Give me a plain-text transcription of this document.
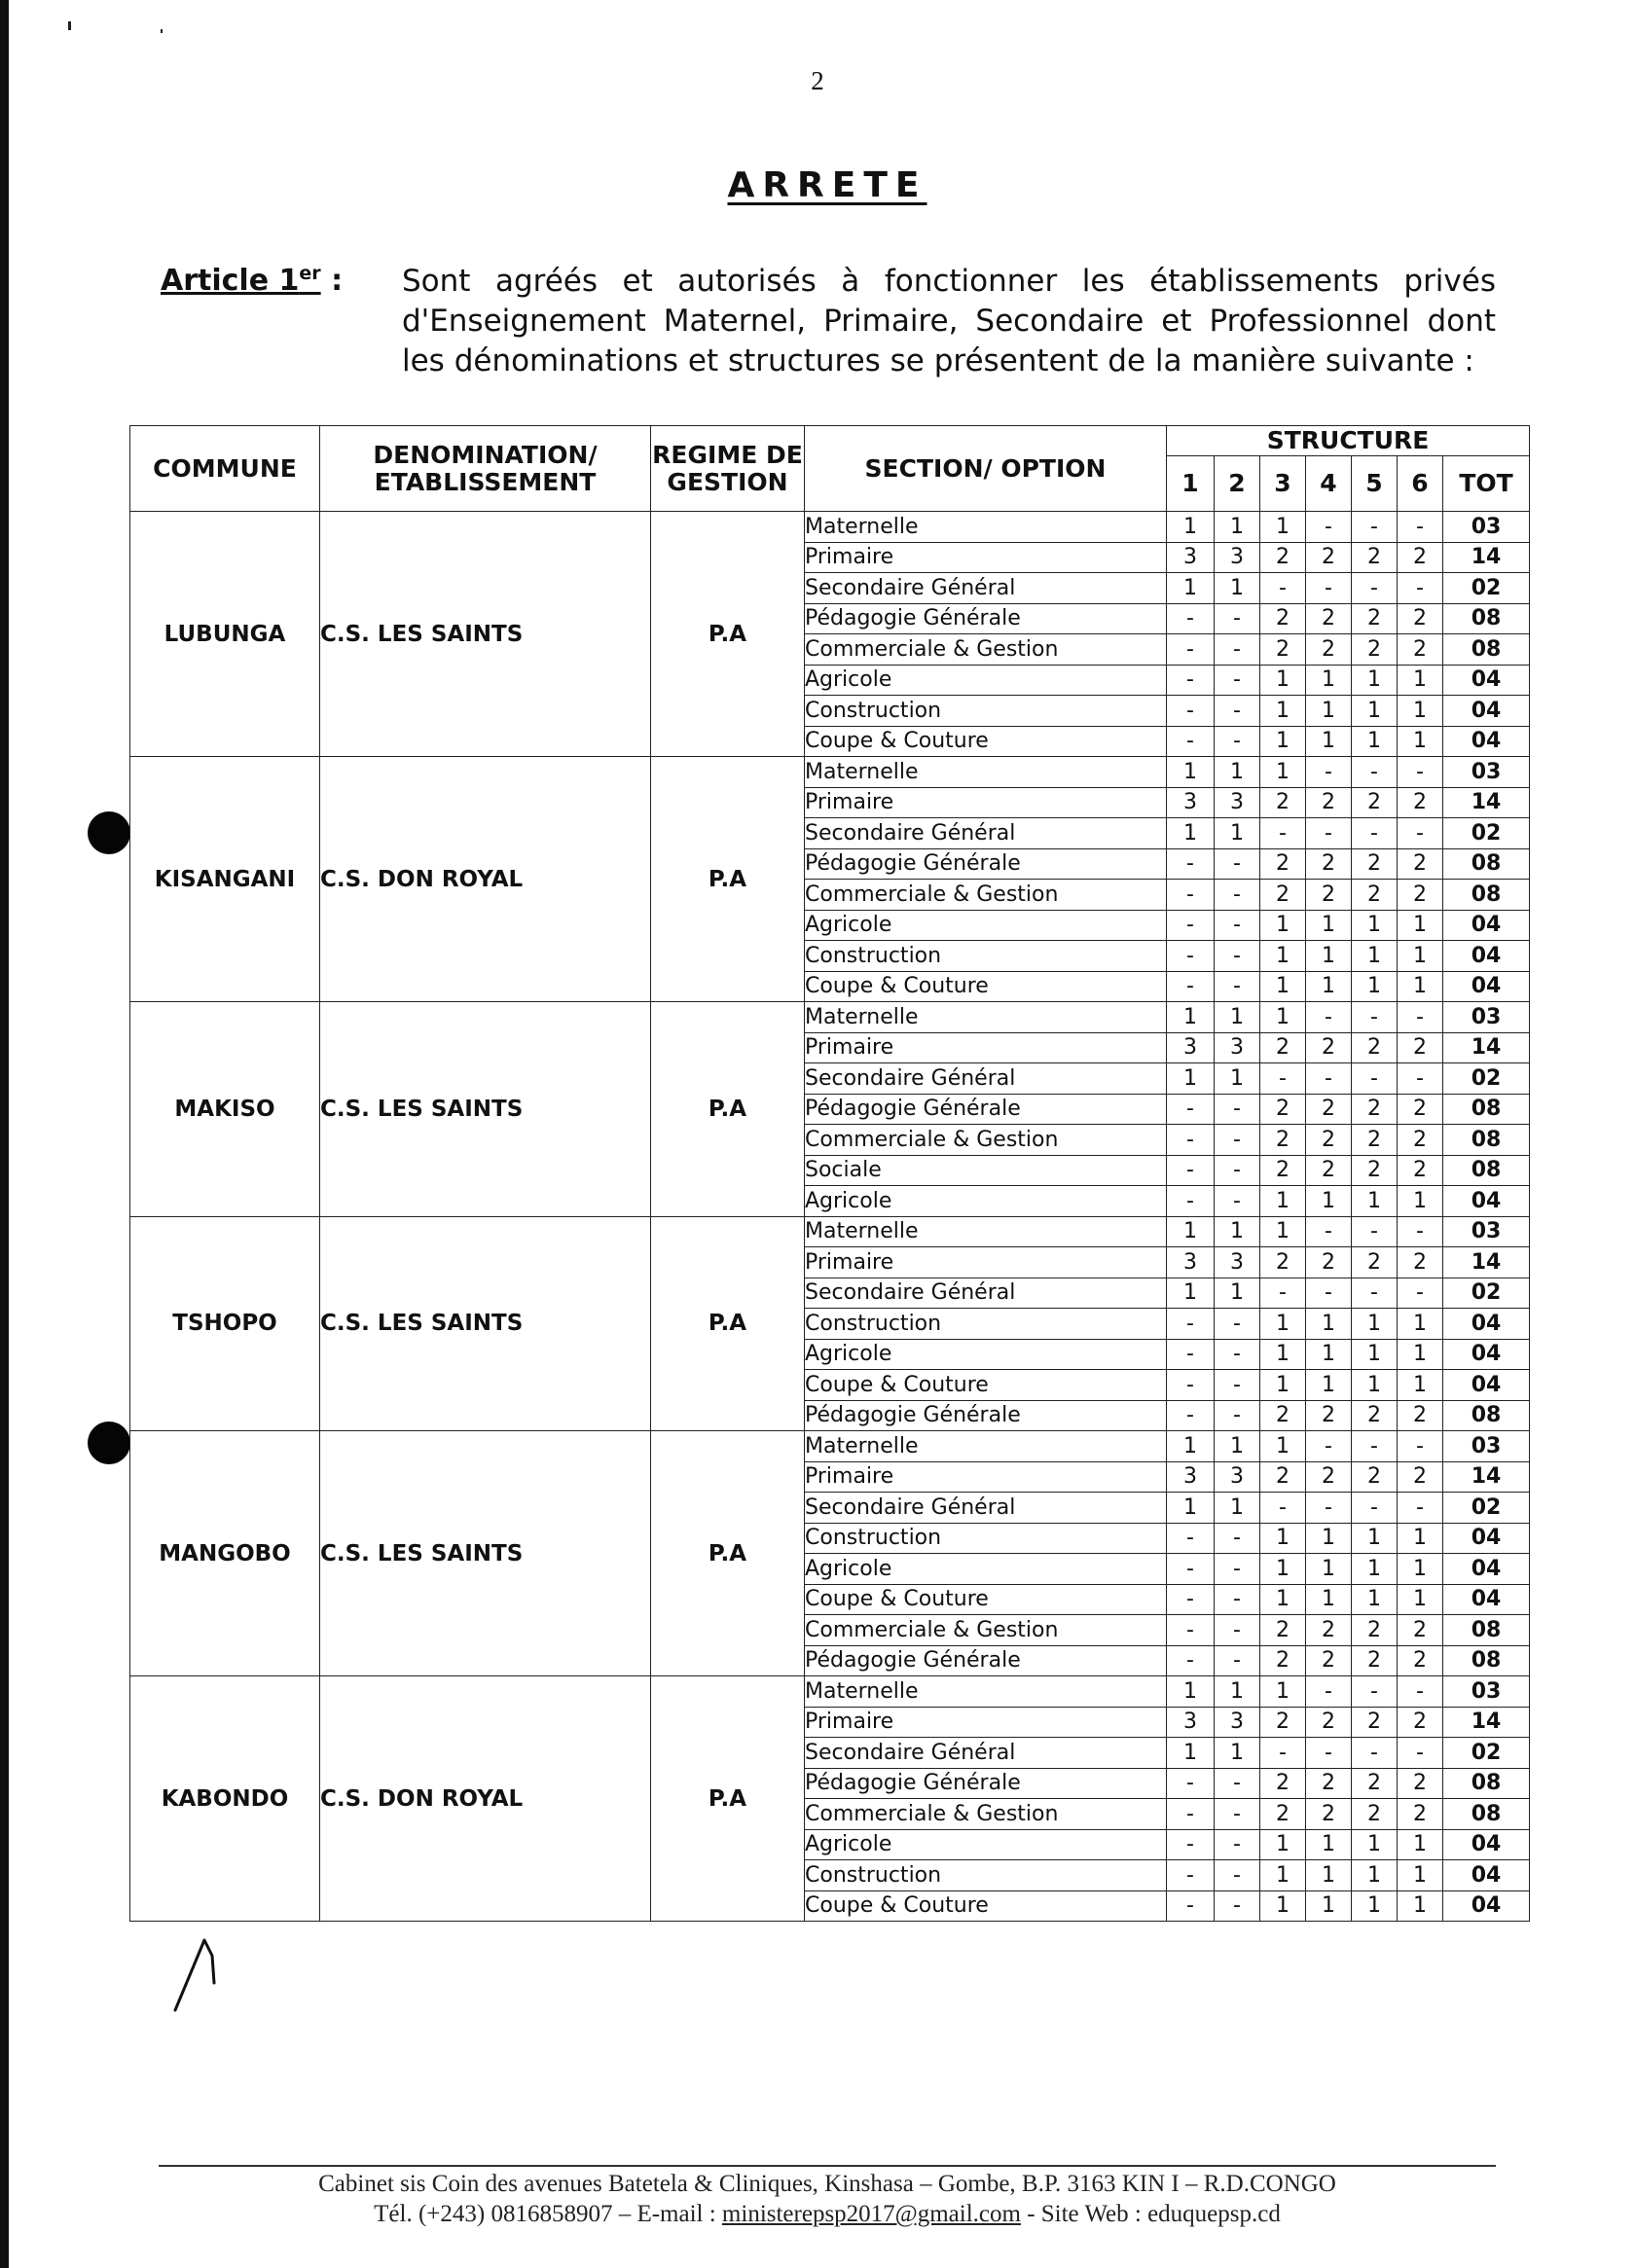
2
ARRETE
Article 1er : Sont agréés et autorisés à fonctionner les établissements privés d'Enseignement Maternel, Primaire, Secondaire et Professionnel dont les dénominations et structures se présentent de la manière suivante :
COMMUNE	DENOMINATION/ ETABLISSEMENT	REGIME DE GESTION	SECTION/ OPTION	STRUCTURE						
				1	2	3	4	5	6	TOT
LUBUNGA	C.S. LES SAINTS	P.A	Maternelle	1	1	1	-	-	-	03
			Primaire	3	3	2	2	2	2	14
			Secondaire Général	1	1	-	-	-	-	02
			Pédagogie Générale	-	-	2	2	2	2	08
			Commerciale & Gestion	-	-	2	2	2	2	08
			Agricole	-	-	1	1	1	1	04
			Construction	-	-	1	1	1	1	04
			Coupe & Couture	-	-	1	1	1	1	04
KISANGANI	C.S. DON ROYAL	P.A	Maternelle	1	1	1	-	-	-	03
			Primaire	3	3	2	2	2	2	14
			Secondaire Général	1	1	-	-	-	-	02
			Pédagogie Générale	-	-	2	2	2	2	08
			Commerciale & Gestion	-	-	2	2	2	2	08
			Agricole	-	-	1	1	1	1	04
			Construction	-	-	1	1	1	1	04
			Coupe & Couture	-	-	1	1	1	1	04
MAKISO	C.S. LES SAINTS	P.A	Maternelle	1	1	1	-	-	-	03
			Primaire	3	3	2	2	2	2	14
			Secondaire Général	1	1	-	-	-	-	02
			Pédagogie Générale	-	-	2	2	2	2	08
			Commerciale & Gestion	-	-	2	2	2	2	08
			Sociale	-	-	2	2	2	2	08
			Agricole	-	-	1	1	1	1	04
TSHOPO	C.S. LES SAINTS	P.A	Maternelle	1	1	1	-	-	-	03
			Primaire	3	3	2	2	2	2	14
			Secondaire Général	1	1	-	-	-	-	02
			Construction	-	-	1	1	1	1	04
			Agricole	-	-	1	1	1	1	04
			Coupe & Couture	-	-	1	1	1	1	04
			Pédagogie Générale	-	-	2	2	2	2	08
MANGOBO	C.S. LES SAINTS	P.A	Maternelle	1	1	1	-	-	-	03
			Primaire	3	3	2	2	2	2	14
			Secondaire Général	1	1	-	-	-	-	02
			Construction	-	-	1	1	1	1	04
			Agricole	-	-	1	1	1	1	04
			Coupe & Couture	-	-	1	1	1	1	04
			Commerciale & Gestion	-	-	2	2	2	2	08
			Pédagogie Générale	-	-	2	2	2	2	08
KABONDO	C.S. DON ROYAL	P.A	Maternelle	1	1	1	-	-	-	03
			Primaire	3	3	2	2	2	2	14
			Secondaire Général	1	1	-	-	-	-	02
			Pédagogie Générale	-	-	2	2	2	2	08
			Commerciale & Gestion	-	-	2	2	2	2	08
			Agricole	-	-	1	1	1	1	04
			Construction	-	-	1	1	1	1	04
			Coupe & Couture	-	-	1	1	1	1	04
Cabinet sis Coin des avenues Batetela & Cliniques, Kinshasa – Gombe, B.P. 3163 KIN I – R.D.CONGO
Tél. (+243) 0816858907 – E-mail : ministerepsp2017@gmail.com - Site Web : eduquepsp.cd
